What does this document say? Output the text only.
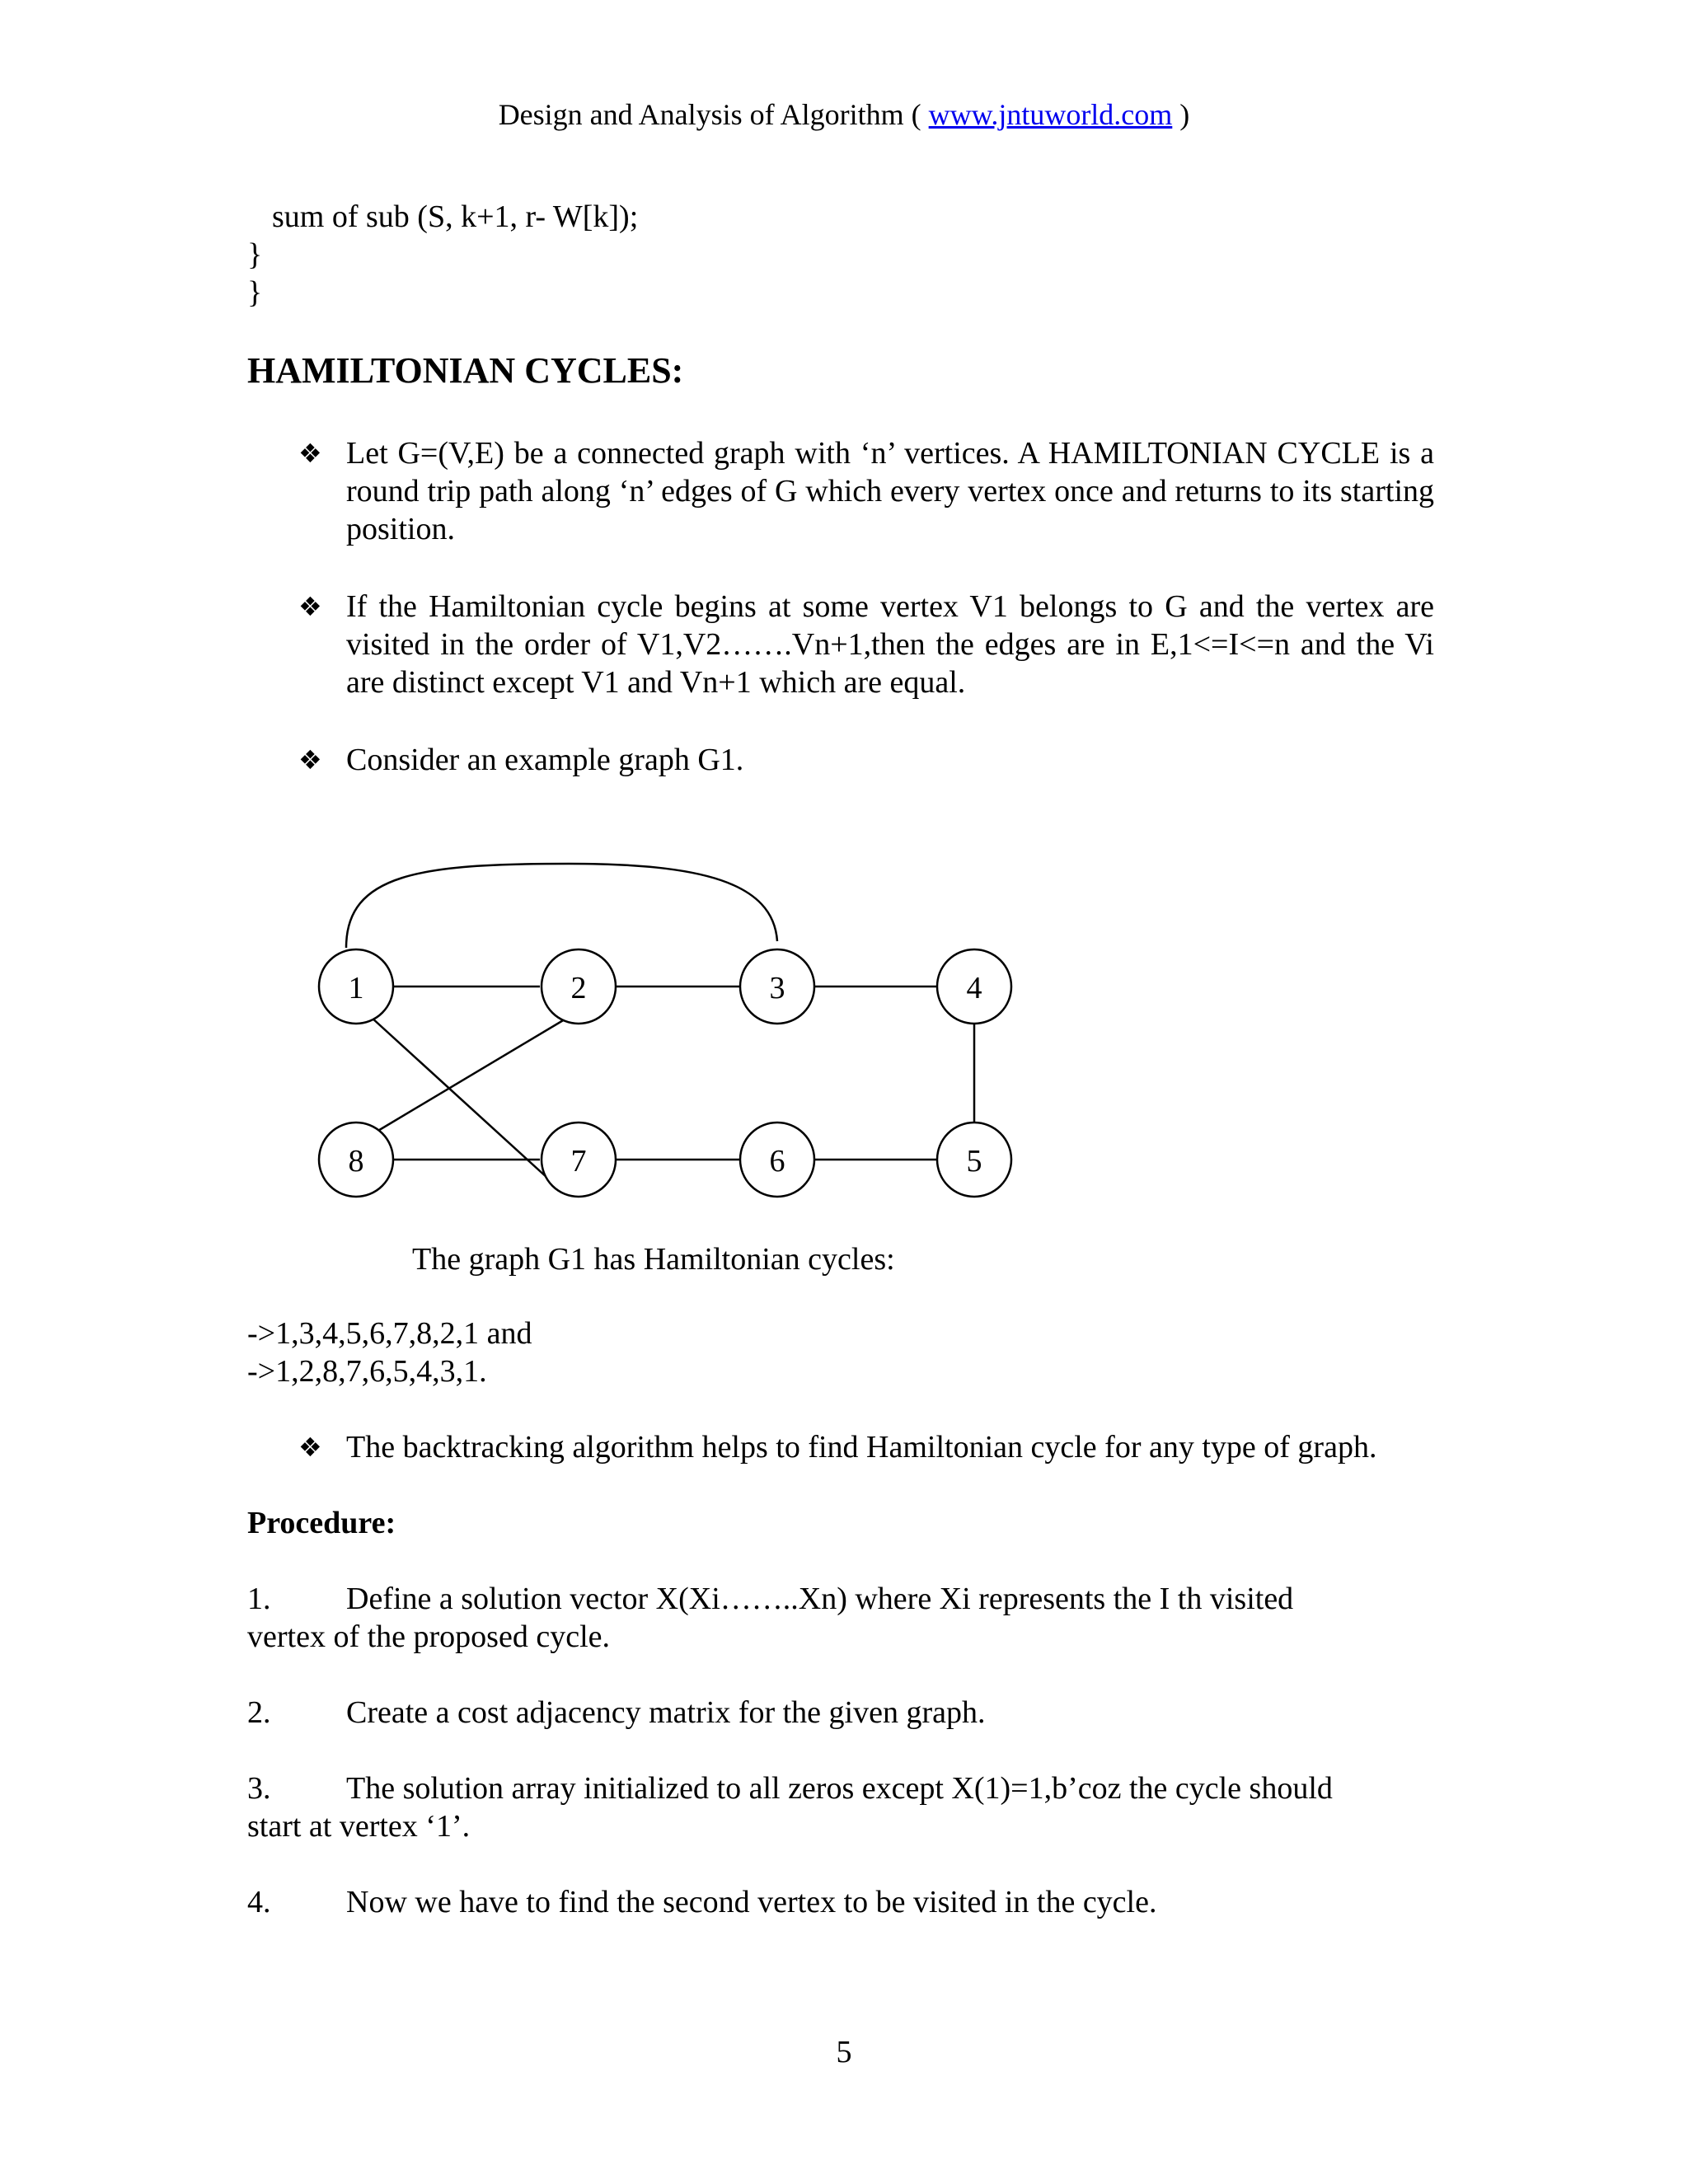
Design and Analysis of Algorithm ( www.jntuworld.com )
sum of sub (S, k+1, r- W[k]);
}
}
HAMILTONIAN CYCLES:
❖ Let G=(V,E) be a connected graph with ‘n’ vertices. A HAMILTONIAN CYCLE is a round trip path along ‘n’ edges of G which every vertex once and returns to its starting position.
❖ If the Hamiltonian cycle begins at some vertex V1 belongs to G and the vertex are visited in the order of V1,V2…….Vn+1,then the edges are in E,1<=I<=n and the Vi are distinct except V1 and Vn+1 which are equal.
❖ Consider an example graph G1.
1	2	3	4
5
6
7
8
The graph G1 has Hamiltonian cycles:
->1,3,4,5,6,7,8,2,1 and
->1,2,8,7,6,5,4,3,1.
❖ The backtracking algorithm helps to find Hamiltonian cycle for any type of graph.
Procedure:
1. Define a solution vector X(Xi……..Xn) where Xi represents the I th visited
vertex of the proposed cycle.
2. Create a cost adjacency matrix for the given graph.
3. The solution array initialized to all zeros except X(1)=1,b’coz the cycle should
start at vertex ‘1’.
4. Now we have to find the second vertex to be visited in the cycle.
5
